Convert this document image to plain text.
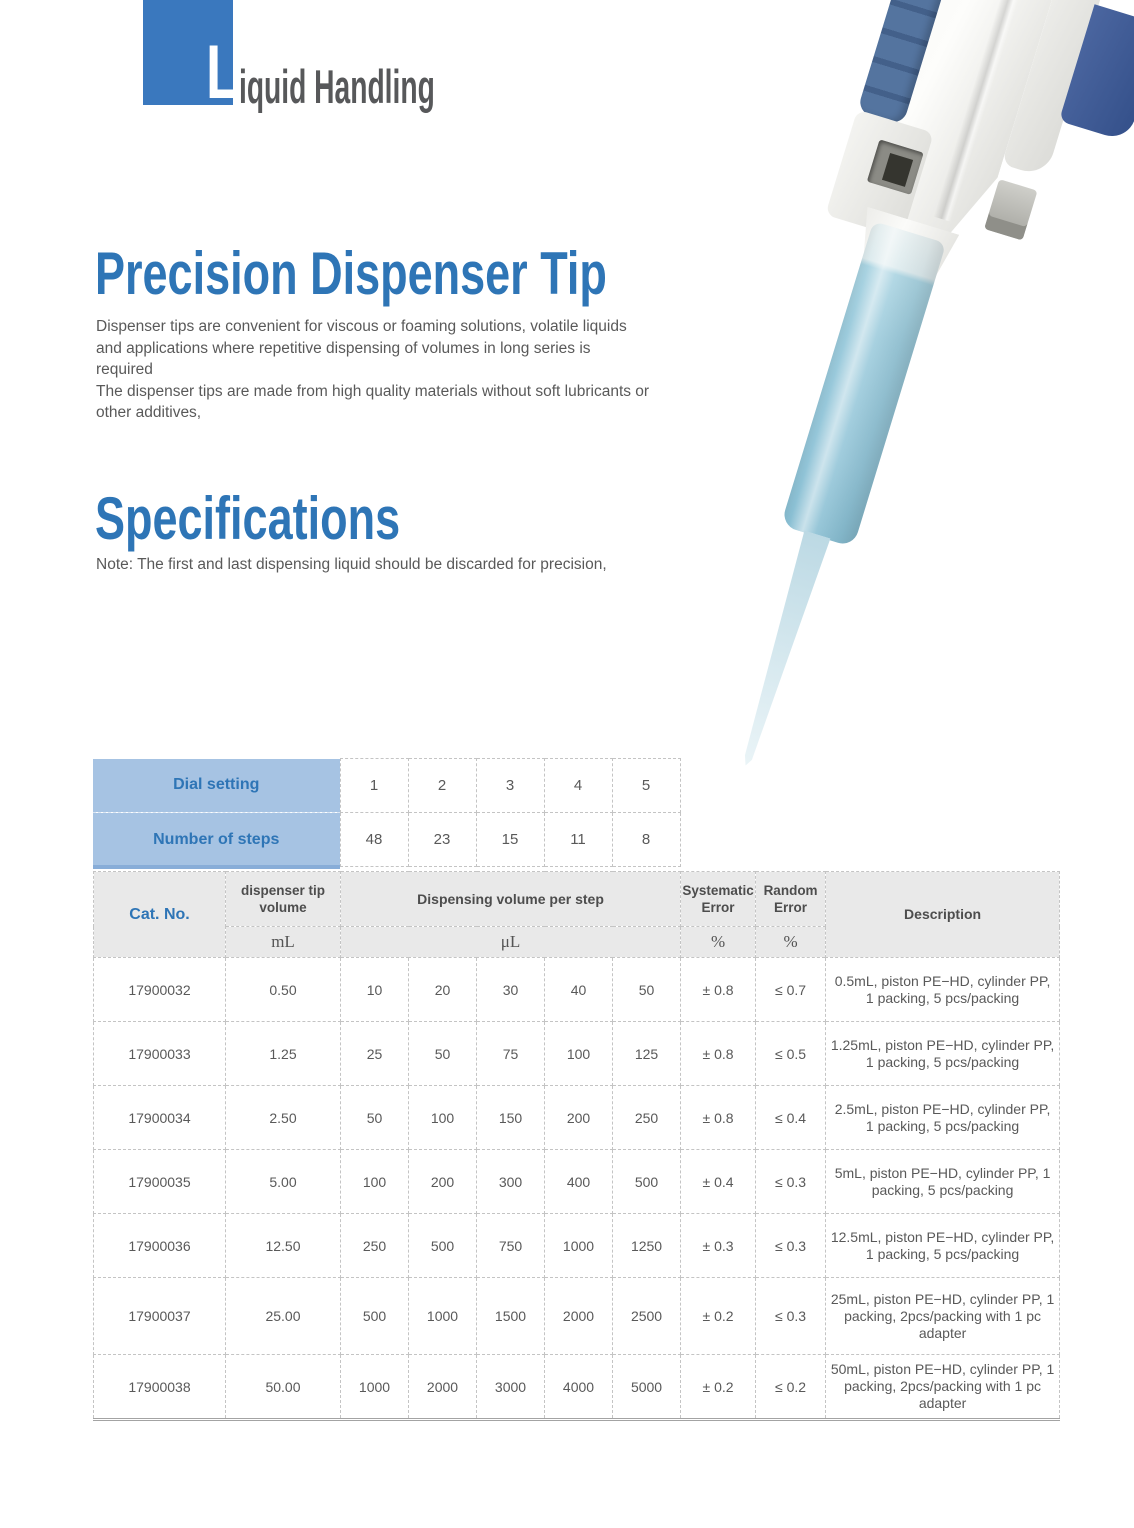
L iquid Handling
Precision Dispenser Tip
Dispenser tips are convenient for viscous or foaming solutions, volatile liquids
and applications where repetitive dispensing of volumes in long series is
required
The dispenser tips are made from high quality materials without soft lubricants or
other additives,
Specifications
Note: The first and last dispensing liquid should be discarded for precision,
Dial setting	1	2	3	4	5
Number of steps	48	23	15	11	8
Cat. No.	dispenser tip volume	Dispensing volume per step					Systematic Error	Random Error	Description
	mL	μL					%	%	
17900032	0.50	10	20	30	40	50	± 0.8	≤ 0.7	0.5mL, piston PE−HD, cylinder PP, 1 packing, 5 pcs/packing
17900033	1.25	25	50	75	100	125	± 0.8	≤ 0.5	1.25mL, piston PE−HD, cylinder PP, 1 packing, 5 pcs/packing
17900034	2.50	50	100	150	200	250	± 0.8	≤ 0.4	2.5mL, piston PE−HD, cylinder PP, 1 packing, 5 pcs/packing
17900035	5.00	100	200	300	400	500	± 0.4	≤ 0.3	5mL, piston PE−HD, cylinder PP, 1 packing, 5 pcs/packing
17900036	12.50	250	500	750	1000	1250	± 0.3	≤ 0.3	12.5mL, piston PE−HD, cylinder PP, 1 packing, 5 pcs/packing
17900037	25.00	500	1000	1500	2000	2500	± 0.2	≤ 0.3	25mL, piston PE−HD, cylinder PP, 1 packing, 2pcs/packing with 1 pc adapter
17900038	50.00	1000	2000	3000	4000	5000	± 0.2	≤ 0.2	50mL, piston PE−HD, cylinder PP, 1 packing, 2pcs/packing with 1 pc adapter
